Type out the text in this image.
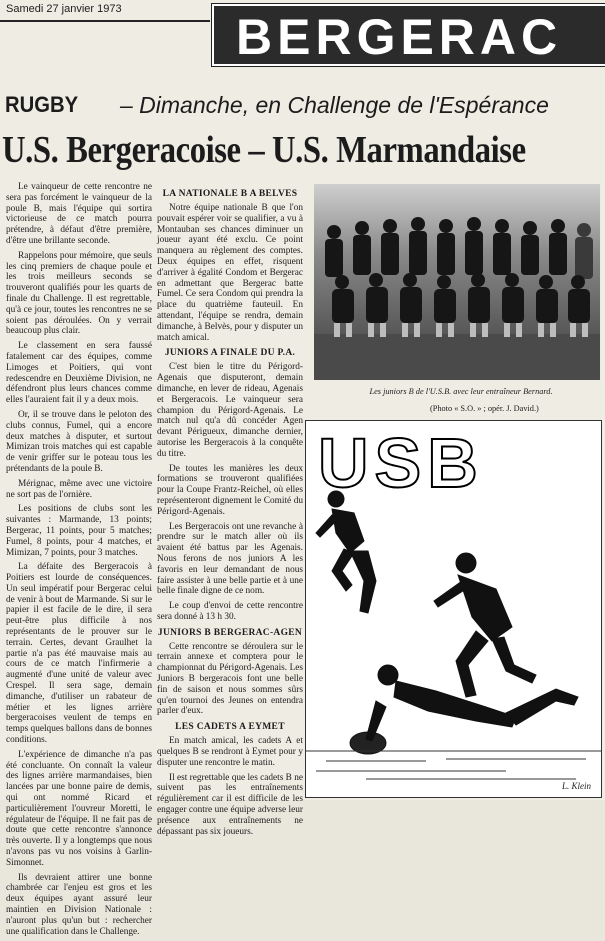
Samedi 27 janvier 1973 BERGERAC
RUGBY – Dimanche, en Challenge de l'Espérance
U.S. Bergeracoise – U.S. Marmandaise

Le vainqueur de cette rencontre ne sera pas forcément le vainqueur de la poule B, mais l'équipe qui sortira victorieuse de ce match pourra prétendre, à défaut d'être première, d'être une brillante seconde.

Rappelons pour mémoire, que seuls les cinq premiers de chaque poule et les trois meilleurs seconds se trouveront qualifiés pour les quarts de finale du Challenge. Il est regrettable, qu'à ce jour, toutes les rencontres ne se soient pas déroulées. On y verrait beaucoup plus clair.

Le classement en sera faussé fatalement car des équipes, comme Limoges et Poitiers, qui vont redescendre en Deuxième Division, ne défendront plus leurs chances comme elles l'auraient fait il y a deux mois.

Or, il se trouve dans le peloton des clubs connus, Fumel, qui a encore deux matches à disputer, et surtout Mimizan trois matches qui est capable de venir griffer sur le poteau tous les prétendants de la poule B.

Mérignac, même avec une victoire ne sort pas de l'ornière.

Les positions de clubs sont les suivantes : Marmande, 13 points; Bergerac, 11 points, pour 5 matches; Fumel, 8 points, pour 4 matches, et Mimizan, 7 points, pour 3 matches.

La défaite des Bergeracois à Poitiers est lourde de conséquences. Un seul impératif pour Bergerac celui de venir à bout de Marmande. Si sur le papier il est facile de le dire, il sera peut-être plus difficile à nos représentants de le prouver sur le terrain. Certes, devant Graulhet la partie n'a pas été mauvaise mais au cours de ce match l'infirmerie a augmenté d'une unité de valeur avec Crespel. Il sera sage, demain dimanche, d'utiliser un rabateur de métier et les lignes arrière bergeracoises veulent de temps en temps quelques ballons dans de bonnes conditions.

L'expérience de dimanche n'a pas été concluante. On connaît la valeur des lignes arrière marmandaises, bien lancées par une bonne paire de demis, qui ont nommé Ricard et particulièrement l'ouvreur Moretti, le régulateur de l'équipe. Il ne fait pas de doute que cette rencontre s'annonce très ouverte. Il y a longtemps que nous n'avons pas vu nos voisins à Garlin-Simonnet.

Ils devraient attirer une bonne chambrée car l'enjeu est gros et les deux équipes ayant assuré leur maintien en Division Nationale : n'auront plus qu'un but : rechercher une qualification dans le Challenge.

LA NATIONALE B A BELVES

Notre équipe nationale B que l'on pouvait espérer voir se qualifier, a vu à Montauban ses chances diminuer un joueur ayant été exclu. Ce point manquera au règlement des comptes. Deux équipes en effet, risquent d'arriver à égalité Condom et Bergerac en admettant que Bergerac batte Fumel. Ce sera Condom qui prendra la place du quatrième fauteuil. En attendant, l'équipe se rendra, demain dimanche, à Belvès, pour y disputer un match amical.

JUNIORS A FINALE DU P.A.

C'est bien le titre du Périgord-Agenais que disputeront, demain dimanche, en lever de rideau, Agenais et Bergeracois. Le vainqueur sera champion du Périgord-Agenais. Le match nul qu'a dû concéder Agen devant Périgueux, dimanche dernier, autorise les Bergeracois à la conquête du titre.

De toutes les manières les deux formations se trouveront qualifiées pour la Coupe Frantz-Reichel, où elles représenteront dignement le Comité du Périgord-Agenais.

Les Bergeracois ont une revanche à prendre sur le match aller où ils avaient été battus par les Agenais. Nous ferons de nos juniors A les favoris en leur demandant de nous faire assister à une belle partie et à une belle finale digne de ce nom.

Le coup d'envoi de cette rencontre sera donné à 13 h 30.

JUNIORS B BERGERAC-AGEN

Cette rencontre se déroulera sur le terrain annexe et comptera pour le championnat du Périgord-Agenais. Les Juniors B bergeracois font une belle fin de saison et nous sommes sûrs qu'en tournoi des Jeunes on entendra parler d'eux.

LES CADETS A EYMET

En match amical, les cadets A et quelques B se rendront à Eymet pour y disputer une rencontre le matin.

Il est regrettable que les cadets B ne suivent pas les entraînements régulièrement car il est difficile de les engager contre une équipe adverse leur présence aux entraînements ne dépassant pas six joueurs.

Les juniors B de l'U.S.B. avec leur entraîneur Bernard.
(Photo « S.O. » ; opér. J. David.)
USB
L. Klein
